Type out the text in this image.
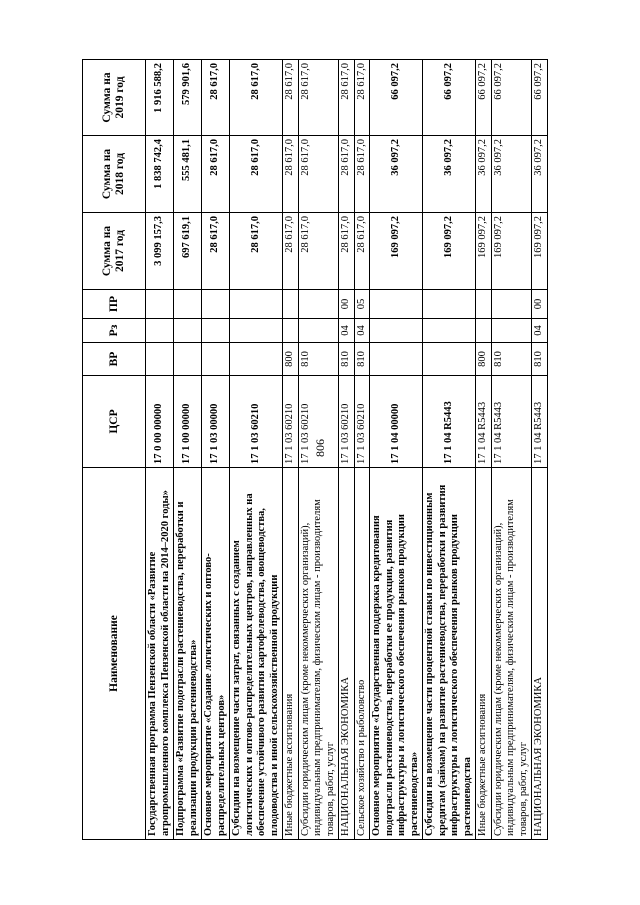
806
Наименование	ЦСР	ВР	Рз	ПР	Сумма на 2017 год	Сумма на 2018 год	Сумма на 2019 год
Государственная программа Пензенской области «Развитие агропромышленного комплекса Пензенской области на 2014–2020 годы»	17 0 00 00000				3 099 157,3	1 838 742,4	1 916 588,2
Подпрограмма «Развитие подотрасли растениеводства, переработки и реализации продукции растениеводства»	17 1 00 00000				697 619,1	555 481,1	579 901,6
Основное мероприятие «Создание логистических и оптово-распределительных центров»	17 1 03 00000				28 617,0	28 617,0	28 617,0
Субсидии на возмещение части затрат, связанных с созданием логистических и оптово-распределительных центров, направленных на обеспечение устойчивого развития картофелеводства, овощеводства, плодоводства и иной сельскохозяйственной продукции	17 1 03 60210				28 617,0	28 617,0	28 617,0
Иные бюджетные ассигнования	17 1 03 60210	800			28 617,0	28 617,0	28 617,0
Субсидии юридическим лицам (кроме некоммерческих организаций), индивидуальным предпринимателям, физическим лицам - производителям товаров, работ, услуг	17 1 03 60210	810			28 617,0	28 617,0	28 617,0
НАЦИОНАЛЬНАЯ ЭКОНОМИКА	17 1 03 60210	810	04	00	28 617,0	28 617,0	28 617,0
Сельское хозяйство и рыболовство	17 1 03 60210	810	04	05	28 617,0	28 617,0	28 617,0
Основное мероприятие «Государственная поддержка кредитования подотрасли растениеводства, переработки ее продукции, развития инфраструктуры и логистического обеспечения рынков продукции растениеводства»	17 1 04 00000				169 097,2	36 097,2	66 097,2
Субсидии на возмещение части процентной ставки по инвестиционным кредитам (займам) на развитие растениеводства, переработки и развития инфраструктуры и логистического обеспечения рынков продукции растениеводства	17 1 04 R5443				169 097,2	36 097,2	66 097,2
Иные бюджетные ассигнования	17 1 04 R5443	800			169 097,2	36 097,2	66 097,2
Субсидии юридическим лицам (кроме некоммерческих организаций), индивидуальным предпринимателям, физическим лицам - производителям товаров, работ, услуг	17 1 04 R5443	810			169 097,2	36 097,2	66 097,2
НАЦИОНАЛЬНАЯ ЭКОНОМИКА	17 1 04 R5443	810	04	00	169 097,2	36 097,2	66 097,2
